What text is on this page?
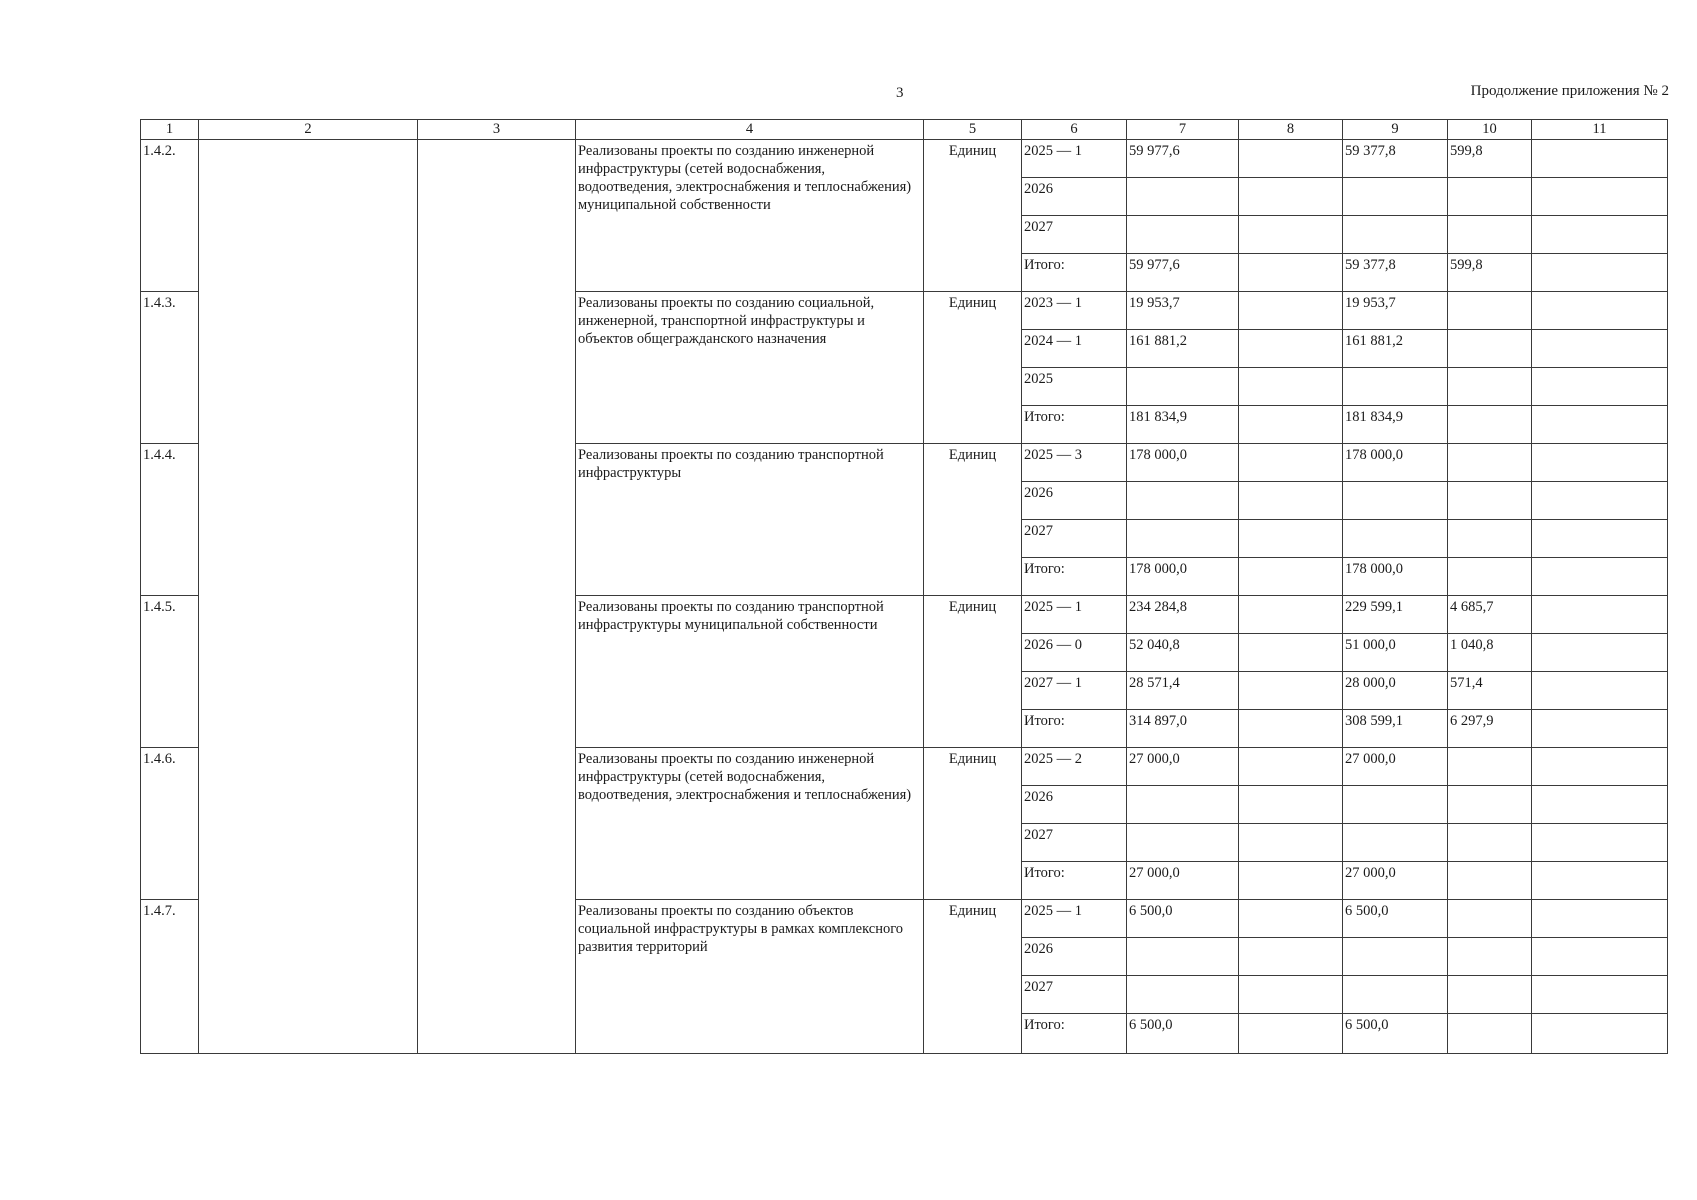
3	Продолжение приложения № 2
1	2	3	4	5	6	7	8	9	10	11
1.4.2.			Реализованы проекты по созданию инженерной инфраструктуры (сетей водоснабжения, водоотведения, электроснабжения и теплоснабжения) муниципальной собственности	Единиц	2025 — 1	59 977,6		59 377,8	599,8	
					2026					
					2027					
					Итого:	59 977,6		59 377,8	599,8	
1.4.3.			Реализованы проекты по созданию социальной, инженерной, транспортной инфраструктуры и объектов общегражданского назначения	Единиц	2023 — 1	19 953,7		19 953,7		
					2024 — 1	161 881,2		161 881,2		
					2025					
					Итого:	181 834,9		181 834,9		
1.4.4.			Реализованы проекты по созданию транспортной инфраструктуры	Единиц	2025 — 3	178 000,0		178 000,0		
					2026					
					2027					
					Итого:	178 000,0		178 000,0		
1.4.5.			Реализованы проекты по созданию транспортной инфраструктуры муниципальной собственности	Единиц	2025 — 1	234 284,8		229 599,1	4 685,7	
					2026 — 0	52 040,8		51 000,0	1 040,8	
					2027 — 1	28 571,4		28 000,0	571,4	
					Итого:	314 897,0		308 599,1	6 297,9	
1.4.6.			Реализованы проекты по созданию инженерной инфраструктуры (сетей водоснабжения, водоотведения, электроснабжения и теплоснабжения)	Единиц	2025 — 2	27 000,0		27 000,0		
					2026					
					2027					
					Итого:	27 000,0		27 000,0		
1.4.7.			Реализованы проекты по созданию объектов социальной инфраструктуры в рамках комплексного развития территорий	Единиц	2025 — 1	6 500,0		6 500,0		
					2026					
					2027					
					Итого:	6 500,0		6 500,0		
